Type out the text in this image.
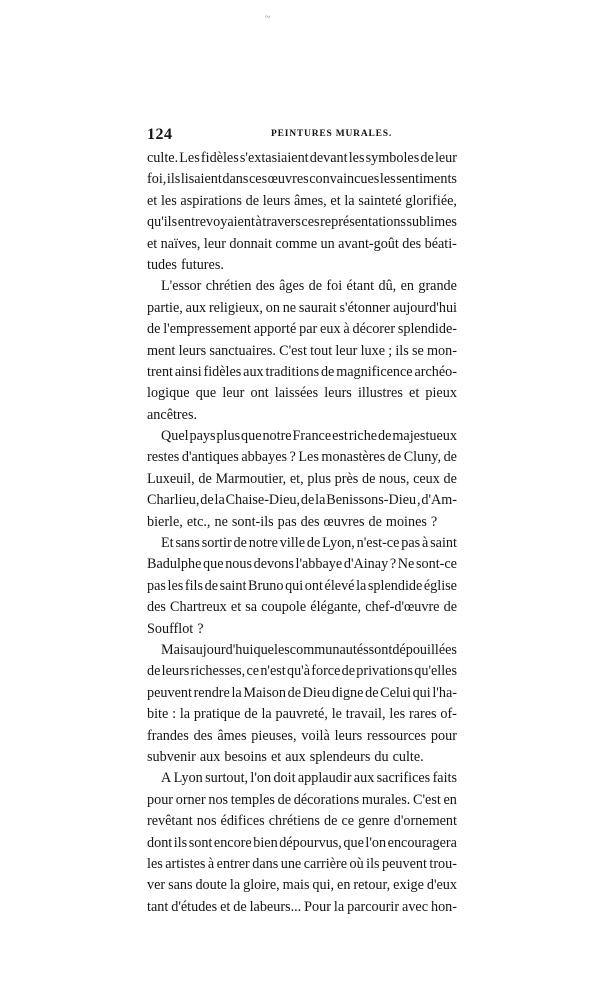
~
124	PEINTURES MURALES.
culte. Les fidèles s'extasiaient devant les symboles de leur
foi, ils lisaient dans ces œuvres convaincues les sentiments
et les aspirations de leurs âmes, et la sainteté glorifiée,
qu'ils entrevoyaient à travers ces représentations sublimes
et naïves, leur donnait comme un avant-goût des béati-
tudes futures.
L'essor chrétien des âges de foi étant dû, en grande
partie, aux religieux, on ne saurait s'étonner aujourd'hui
de l'empressement apporté par eux à décorer splendide-
ment leurs sanctuaires. C'est tout leur luxe ; ils se mon-
trent ainsi fidèles aux traditions de magnificence archéo-
logique que leur ont laissées leurs illustres et pieux
ancêtres.
Quel pays plus que notre France est riche de majestueux
restes d'antiques abbayes ? Les monastères de Cluny, de
Luxeuil, de Marmoutier, et, plus près de nous, ceux de
Charlieu, de la Chaise-Dieu, de la Benissons-Dieu , d'Am-
bierle, etc., ne sont-ils pas des œuvres de moines ?
Et sans sortir de notre ville de Lyon, n'est-ce pas à saint
Badulphe que nous devons l'abbaye d'Ainay ? Ne sont-ce
pas les fils de saint Bruno qui ont élevé la splendide église
des Chartreux et sa coupole élégante, chef-d'œuvre de
Soufflot ?
Mais aujourd'hui que les communautés sont dépouillées
de leurs richesses, ce n'est qu'à force de privations qu'elles
peuvent rendre la Maison de Dieu digne de Celui qui l'ha-
bite : la pratique de la pauvreté, le travail, les rares of-
frandes des âmes pieuses, voilà leurs ressources pour
subvenir aux besoins et aux splendeurs du culte.
A Lyon surtout, l'on doit applaudir aux sacrifices faits
pour orner nos temples de décorations murales. C'est en
revêtant nos édifices chrétiens de ce genre d'ornement
dont ils sont encore bien dépourvus, que l'on encouragera
les artistes à entrer dans une carrière où ils peuvent trou-
ver sans doute la gloire, mais qui, en retour, exige d'eux
tant d'études et de labeurs... Pour la parcourir avec hon-
